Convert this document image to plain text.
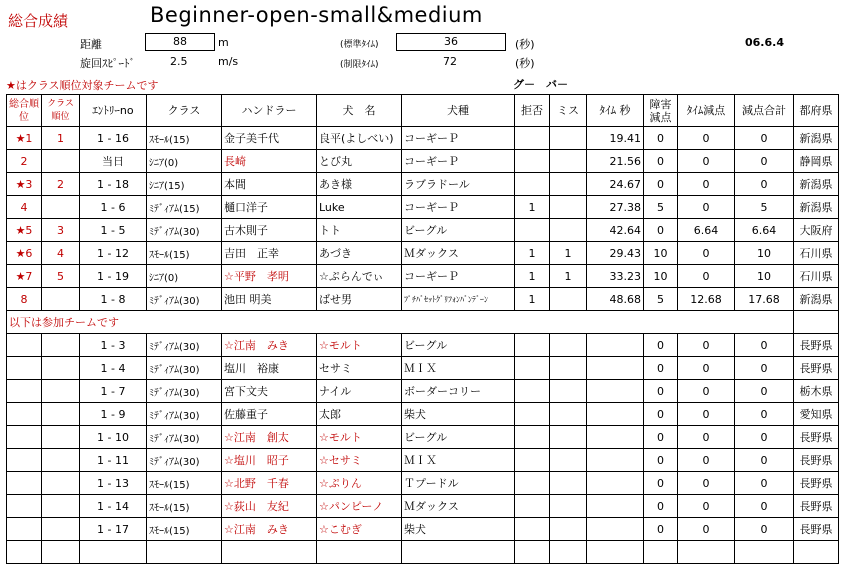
総合成績	Beginner-open-small&medium
06.6.4
距離	88	m
旋回ｽﾋﾟｰﾄﾞ	2.5	m/s
(標準ﾀｲﾑ)	36	(秒)
(制限ﾀｲﾑ)	72	(秒)
★はクラス順位対象チームです	グ－　バ－
総合順位	クラス順位	ｴﾝﾄﾘｰno	クラス	ハンドラー	犬　名	犬種	拒否	ミス	ﾀｲﾑ 秒	障害減点	ﾀｲﾑ減点	減点合計	都府県
★1	1	1 - 16	ｽﾓｰﾙ(15)	金子美千代	良平(よしべい)	コーギーＰ			19.41	0	0	0	新潟県
2		当日	ｼﾆｱ(0)	長崎	とび丸	コーギーＰ			21.56	0	0	0	静岡県
★3	2	1 - 18	ｼﾆｱ(15)	本間	あき様	ラブラドール			24.67	0	0	0	新潟県
4		1 - 6	ﾐﾃﾞｨｱﾑ(15)	樋口洋子	Luke	コーギーＰ	1		27.38	5	0	5	新潟県
★5	3	1 - 5	ﾐﾃﾞｨｱﾑ(30)	古木則子	トト	ビーグル			42.64	0	6.64	6.64	大阪府
★6	4	1 - 12	ｽﾓｰﾙ(15)	吉田　正幸	あづき	Ｍダックス	1	1	29.43	10	0	10	石川県
★7	5	1 - 19	ｼﾆｱ(0)	☆平野　孝明	☆ぷらんでぃ	コーギーＰ	1	1	33.23	10	0	10	石川県
8		1 - 8	ﾐﾃﾞｨｱﾑ(30)	池田 明美	ばせ男	ﾌﾟﾁﾊﾞｾｯﾄｸﾞﾘﾌｫﾝﾊﾞﾝﾃﾞｰﾝ	1		48.68	5	12.68	17.68	新潟県
以下は参加チームです													
		1 - 3	ﾐﾃﾞｨｱﾑ(30)	☆江南　みき	☆モルト	ビーグル				0	0	0	長野県
		1 - 4	ﾐﾃﾞｨｱﾑ(30)	塩川　裕康	セサミ	ＭＩＸ				0	0	0	長野県
		1 - 7	ﾐﾃﾞｨｱﾑ(30)	宮下文夫	ナイル	ボーダーコリー				0	0	0	栃木県
		1 - 9	ﾐﾃﾞｨｱﾑ(30)	佐藤重子	太郎	柴犬				0	0	0	愛知県
		1 - 10	ﾐﾃﾞｨｱﾑ(30)	☆江南　創太	☆モルト	ビーグル				0	0	0	長野県
		1 - 11	ﾐﾃﾞｨｱﾑ(30)	☆塩川　昭子	☆セサミ	ＭＩＸ				0	0	0	長野県
		1 - 13	ｽﾓｰﾙ(15)	☆北野　千春	☆ぷりん	Ｔプードル				0	0	0	長野県
		1 - 14	ｽﾓｰﾙ(15)	☆荻山　友紀	☆パンピーノ	Ｍダックス				0	0	0	長野県
		1 - 17	ｽﾓｰﾙ(15)	☆江南　みき	☆こむぎ	柴犬				0	0	0	長野県
